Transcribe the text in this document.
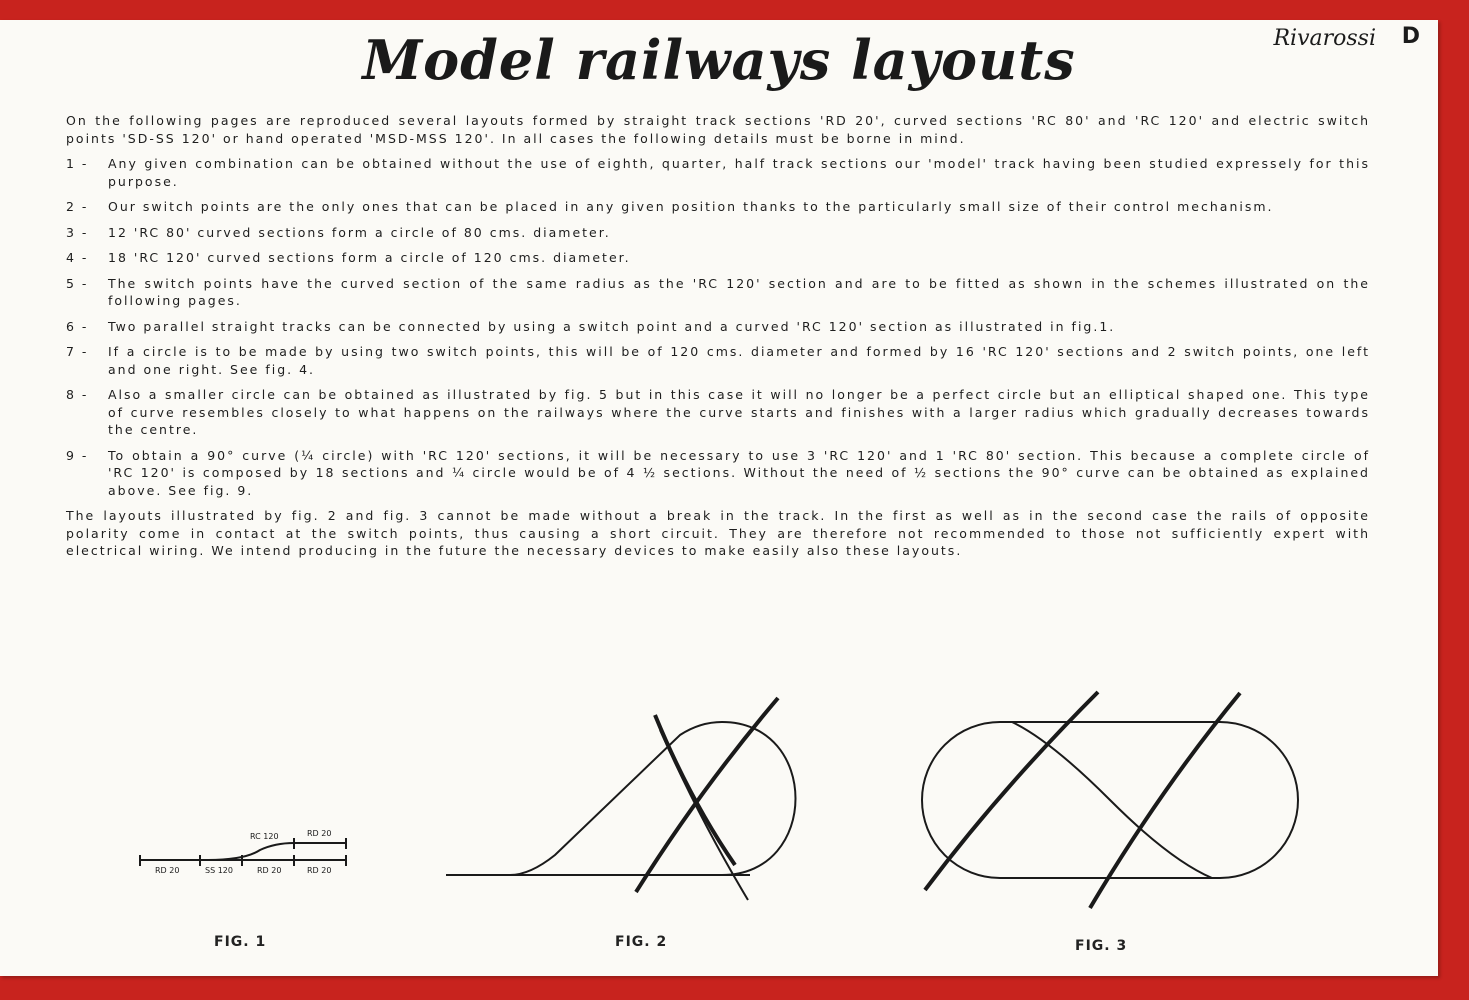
Model railways layouts	Rivarossi D
On the following pages are reproduced several layouts formed by straight track sections 'RD 20', curved sections 'RC 80' and 'RC 120' and electric switch points 'SD-SS 120' or hand operated 'MSD-MSS 120'. In all cases the following details must be borne in mind.
1 -	Any given combination can be obtained without the use of eighth, quarter, half track sections our 'model' track having been studied expressely for this purpose.
2 -	Our switch points are the only ones that can be placed in any given position thanks to the particularly small size of their control mechanism.
3 -	12 'RC 80' curved sections form a circle of 80 cms. diameter.
4 -	18 'RC 120' curved sections form a circle of 120 cms. diameter.
5 -	The switch points have the curved section of the same radius as the 'RC 120' section and are to be fitted as shown in the schemes illustrated on the following pages.
6 -	Two parallel straight tracks can be connected by using a switch point and a curved 'RC 120' section as illustrated in fig.1.
7 -	If a circle is to be made by using two switch points, this will be of 120 cms. diameter and formed by 16 'RC 120' sections and 2 switch points, one left and one right. See fig. 4.
8 -	Also a smaller circle can be obtained as illustrated by fig. 5 but in this case it will no longer be a perfect circle but an elliptical shaped one. This type of curve resembles closely to what happens on the railways where the curve starts and finishes with a larger radius which gradually decreases towards the centre.
9 -	To obtain a 90° curve (¼ circle) with 'RC 120' sections, it will be necessary to use 3 'RC 120' and 1 'RC 80' section. This because a complete circle of 'RC 120' is composed by 18 sections and ¼ circle would be of 4 ½ sections. Without the need of ½ sections the 90° curve can be obtained as explained above. See fig. 9.
The layouts illustrated by fig. 2 and fig. 3 cannot be made without a break in the track. In the first as well as in the second case the rails of opposite polarity come in contact at the switch points, thus causing a short circuit. They are therefore not recommended to those not sufficiently expert with electrical wiring. We intend producing in the future the necessary devices to make easily also these layouts.
RC 120	RD 20
RD 20	SS 120	RD 20	RD 20
FIG. 1	FIG. 2	FIG. 3
